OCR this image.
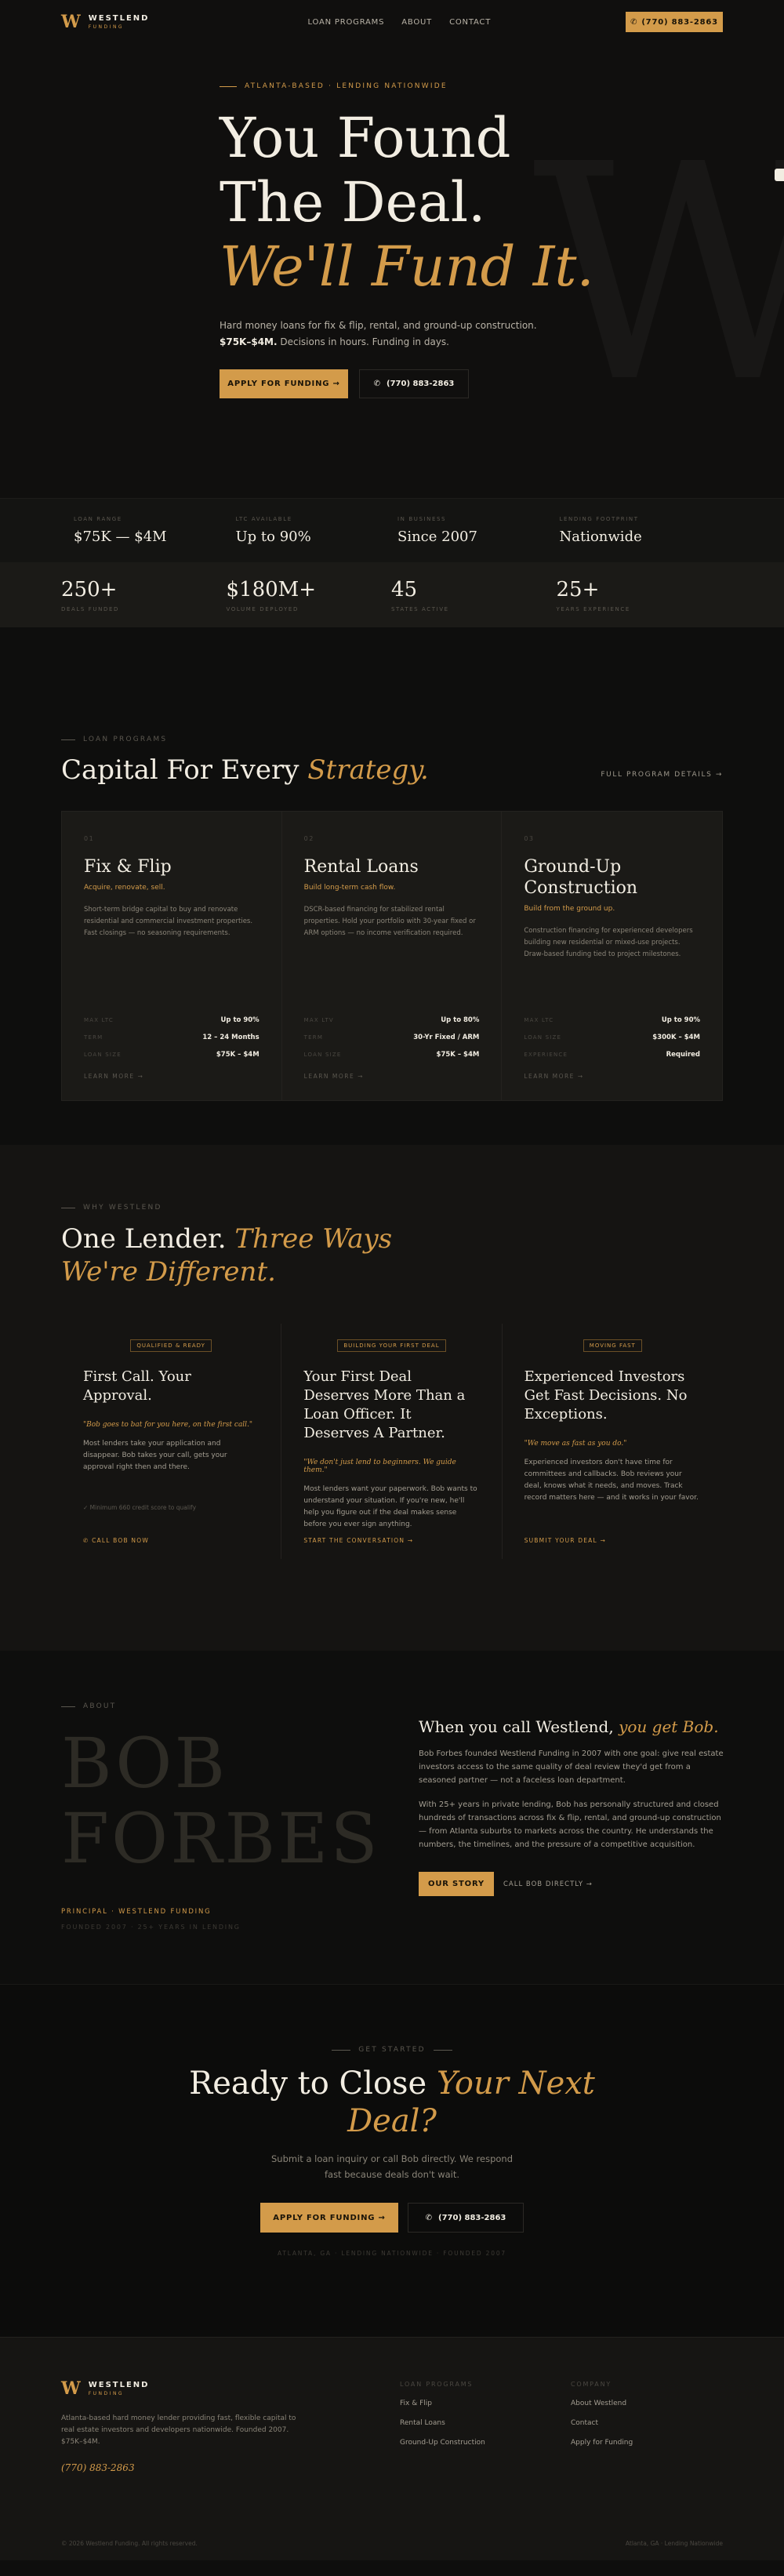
W WESTLEND
FUNDING
LOAN PROGRAMS ABOUT CONTACT	✆ (770) 883-2863
ATLANTA-BASED · LENDING NATIONWIDE
You Found
The Deal.
We'll Fund It.

Hard money loans for fix & flip, rental, and ground-up construction.
$75K–$4M. Decisions in hours. Funding in days.

APPLY FOR FUNDING →	✆ (770) 883-2863
LOAN RANGE
$75K — $4M
LTC AVAILABLE
Up to 90%
IN BUSINESS
Since 2007
LENDING FOOTPRINT
Nationwide
250+
DEALS FUNDED
$180M+
VOLUME DEPLOYED
45
STATES ACTIVE
25+
YEARS EXPERIENCE
LOAN PROGRAMS
Capital For Every Strategy.	FULL PROGRAM DETAILS →
01
Fix & Flip
Acquire, renovate, sell.

Short-term bridge capital to buy and renovate residential and commercial investment properties. Fast closings — no seasoning requirements.

MAX LTC	Up to 90%
TERM	12 – 24 Months
LOAN SIZE	$75K – $4M
LEARN MORE →
02
Rental Loans
Build long-term cash flow.

DSCR-based financing for stabilized rental properties. Hold your portfolio with 30-year fixed or ARM options — no income verification required.

MAX LTV	Up to 80%
TERM	30-Yr Fixed / ARM
LOAN SIZE	$75K – $4M
LEARN MORE →
03
Ground-Up Construction
Build from the ground up.

Construction financing for experienced developers building new residential or mixed-use projects. Draw-based funding tied to project milestones.

MAX LTC	Up to 90%
LOAN SIZE	$300K – $4M
EXPERIENCE	Required
LEARN MORE →
WHY WESTLEND
One Lender. Three Ways
We're Different.
QUALIFIED & READY
First Call. Your Approval.
"Bob goes to bat for you here, on the first call."

Most lenders take your application and disappear. Bob takes your call, gets your approval right then and there.

✓ Minimum 660 credit score to qualify
✆ CALL BOB NOW
BUILDING YOUR FIRST DEAL
Your First Deal Deserves More Than a Loan Officer. It Deserves A Partner.
"We don't just lend to beginners. We guide them."

Most lenders want your paperwork. Bob wants to understand your situation. If you're new, he'll help you figure out if the deal makes sense before you ever sign anything.

START THE CONVERSATION →
MOVING FAST
Experienced Investors Get Fast Decisions. No Exceptions.
"We move as fast as you do."

Experienced investors don't have time for committees and callbacks. Bob reviews your deal, knows what it needs, and moves. Track record matters here — and it works in your favor.

SUBMIT YOUR DEAL →
ABOUT
BOB
FORBES
PRINCIPAL · WESTLEND FUNDING
FOUNDED 2007 · 25+ YEARS IN LENDING
When you call Westlend, you get Bob.

Bob Forbes founded Westlend Funding in 2007 with one goal: give real estate investors access to the same quality of deal review they'd get from a seasoned partner — not a faceless loan department.

With 25+ years in private lending, Bob has personally structured and closed hundreds of transactions across fix & flip, rental, and ground-up construction — from Atlanta suburbs to markets across the country. He understands the numbers, the timelines, and the pressure of a competitive acquisition.

OUR STORY	CALL BOB DIRECTLY →
GET STARTED
Ready to Close Your Next
Deal?

Submit a loan inquiry or call Bob directly. We respond fast because deals don't wait.

APPLY FOR FUNDING →	✆ (770) 883-2863
ATLANTA, GA · LENDING NATIONWIDE · FOUNDED 2007
W WESTLEND
FUNDING

Atlanta-based hard money lender providing fast, flexible capital to real estate investors and developers nationwide. Founded 2007. $75K–$4M.

(770) 883-2863
LOAN PROGRAMS
Fix & Flip
Rental Loans
Ground-Up Construction
COMPANY
About Westlend
Contact
Apply for Funding
© 2026 Westlend Funding. All rights reserved.	Atlanta, GA · Lending Nationwide
